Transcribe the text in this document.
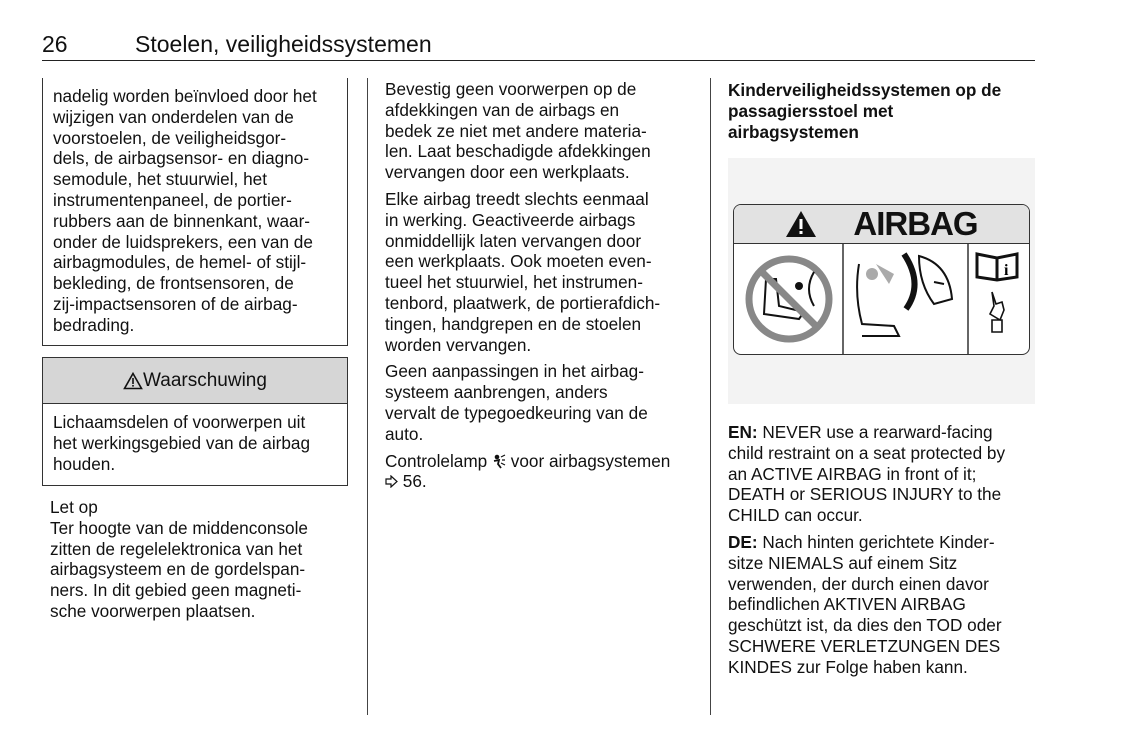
26	Stoelen, veiligheidssystemen
nadelig worden beïnvloed door het
wijzigen van onderdelen van de
voorstoelen, de veiligheidsgor-
dels, de airbagsensor- en diagno-
semodule, het stuurwiel, het
instrumentenpaneel, de portier-
rubbers aan de binnenkant, waar-
onder de luidsprekers, een van de
airbagmodules, de hemel- of stijl-
bekleding, de frontsensoren, de
zij-impactsensoren of de airbag-
bedrading.
Waarschuwing
Lichaamsdelen of voorwerpen uit
het werkingsgebied van de airbag
houden.
Let op
Ter hoogte van de middenconsole
zitten de regelelektronica van het
airbagsysteem en de gordelspan-
ners. In dit gebied geen magneti-
sche voorwerpen plaatsen.
Bevestig geen voorwerpen op de
afdekkingen van de airbags en
bedek ze niet met andere materia-
len. Laat beschadigde afdekkingen
vervangen door een werkplaats.
Elke airbag treedt slechts eenmaal
in werking. Geactiveerde airbags
onmiddellijk laten vervangen door
een werkplaats. Ook moeten even-
tueel het stuurwiel, het instrumen-
tenbord, plaatwerk, de portierafdich-
tingen, handgrepen en de stoelen
worden vervangen.
Geen aanpassingen in het airbag-
systeem aanbrengen, anders
vervalt de typegoedkeuring van de
auto.
Controlelamp voor airbagsystemen
56.
Kinderveiligheidssystemen op de
passagiersstoel met
airbagsystemen
AIRBAG
i
EN: NEVER use a rearward-facing
child restraint on a seat protected by
an ACTIVE AIRBAG in front of it;
DEATH or SERIOUS INJURY to the
CHILD can occur.
DE: Nach hinten gerichtete Kinder-
sitze NIEMALS auf einem Sitz
verwenden, der durch einen davor
befindlichen AKTIVEN AIRBAG
geschützt ist, da dies den TOD oder
SCHWERE VERLETZUNGEN DES
KINDES zur Folge haben kann.
